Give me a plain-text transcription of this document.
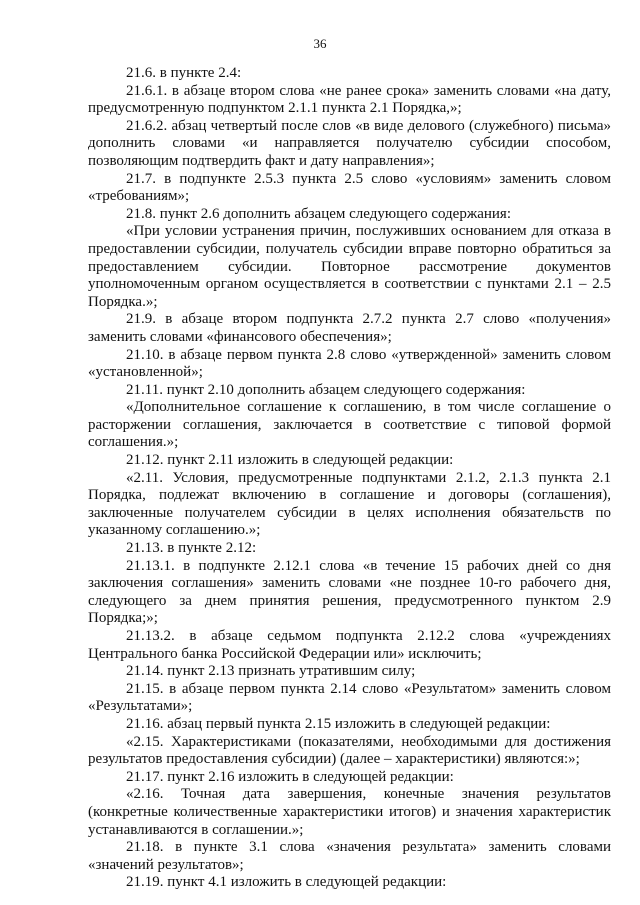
36

21.6. в пункте 2.4:

21.6.1. в абзаце втором слова «не ранее срока» заменить словами «на дату, предусмотренную подпунктом 2.1.1 пункта 2.1 Порядка,»;

21.6.2. абзац четвертый после слов «в виде делового (служебного) письма» дополнить словами «и направляется получателю субсидии способом, позволяющим подтвердить факт и дату направления»;

21.7. в подпункте 2.5.3 пункта 2.5 слово «условиям» заменить словом «требованиям»;

21.8. пункт 2.6 дополнить абзацем следующего содержания:

«При условии устранения причин, послуживших основанием для отказа в предоставлении субсидии, получатель субсидии вправе повторно обратиться за предоставлением субсидии. Повторное рассмотрение документов уполномоченным органом осуществляется в соответствии с пунктами 2.1 – 2.5 Порядка.»;

21.9. в абзаце втором подпункта 2.7.2 пункта 2.7 слово «получения» заменить словами «финансового обеспечения»;

21.10. в абзаце первом пункта 2.8 слово «утвержденной» заменить словом «установленной»;

21.11. пункт 2.10 дополнить абзацем следующего содержания:

«Дополнительное соглашение к соглашению, в том числе соглашение о расторжении соглашения, заключается в соответствие с типовой формой соглашения.»;

21.12. пункт 2.11 изложить в следующей редакции:

«2.11. Условия, предусмотренные подпунктами 2.1.2, 2.1.3 пункта 2.1 Порядка, подлежат включению в соглашение и договоры (соглашения), заключенные получателем субсидии в целях исполнения обязательств по указанному соглашению.»;

21.13. в пункте 2.12:

21.13.1. в подпункте 2.12.1 слова «в течение 15 рабочих дней со дня заключения соглашения» заменить словами «не позднее 10-го рабочего дня, следующего за днем принятия решения, предусмотренного пунктом 2.9 Порядка;»;

21.13.2. в абзаце седьмом подпункта 2.12.2 слова «учреждениях Центрального банка Российской Федерации или» исключить;

21.14. пункт 2.13 признать утратившим силу;

21.15. в абзаце первом пункта 2.14 слово «Результатом» заменить словом «Результатами»;

21.16. абзац первый пункта 2.15 изложить в следующей редакции:

«2.15. Характеристиками (показателями, необходимыми для достижения результатов предоставления субсидии) (далее – характеристики) являются:»;

21.17. пункт 2.16 изложить в следующей редакции:

«2.16. Точная дата завершения, конечные значения результатов (конкретные количественные характеристики итогов) и значения характеристик устанавливаются в соглашении.»;

21.18. в пункте 3.1 слова «значения результата» заменить словами «значений результатов»;

21.19. пункт 4.1 изложить в следующей редакции:
